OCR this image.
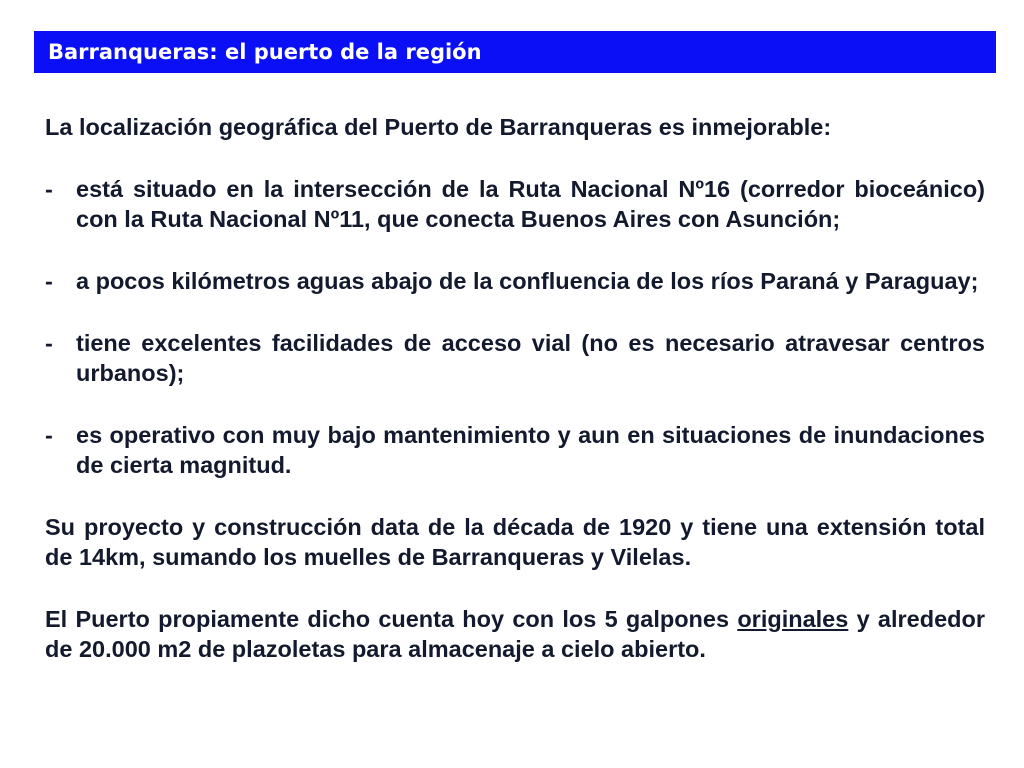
Barranqueras: el puerto de la región

La localización geográfica del Puerto de Barranqueras es inmejorable:

- está situado en la intersección de la Ruta Nacional Nº16 (corredor bioceánico) con la Ruta Nacional Nº11, que conecta Buenos Aires con Asunción;

- a pocos kilómetros aguas abajo de la confluencia de los ríos Paraná y Paraguay;

- tiene excelentes facilidades de acceso vial (no es necesario atravesar centros urbanos);

- es operativo con muy bajo mantenimiento y aun en situaciones de inundaciones de cierta magnitud.

Su proyecto y construcción data de la década de 1920 y tiene una extensión total de 14km, sumando los muelles de Barranqueras y Vilelas.

El Puerto propiamente dicho cuenta hoy con los 5 galpones originales y alrededor de 20.000 m2 de plazoletas para almacenaje a cielo abierto.
